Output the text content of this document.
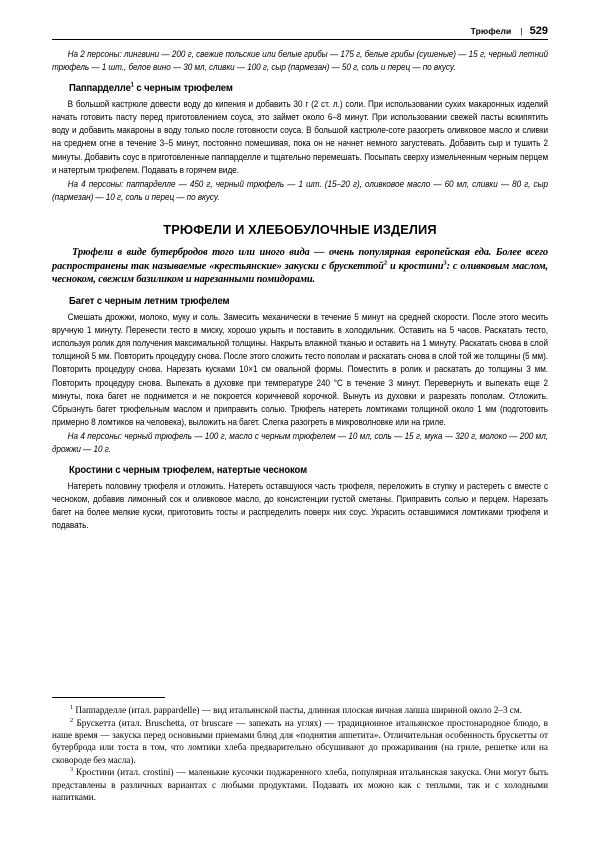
Трюфели | 529

На 2 персоны: лингвини — 200 г, свежие польские или белые грибы — 175 г, белые грибы (сушеные) — 15 г, черный летний трюфель — 1 шт., белое вино — 30 мл, сливки — 100 г, сыр (пармезан) — 50 г, соль и перец — по вкусу.

Паппарделле$^1$ с черным трюфелем

В большой кастрюле довести воду до кипения и добавить 30 г (2 ст. л.) соли. При использовании сухих макаронных изделий начать готовить пасту перед приготовлением соуса, это займет около 6–8 минут. При использовании свежей пасты вскипятить воду и добавить макароны в воду только после готовности соуса. В большой кастрюле-соте разогреть оливковое масло и сливки на среднем огне в течение 3–5 минут, постоянно помешивая, пока он не начнет немного загустевать. Добавить сыр и тушить 2 минуты. Добавить соус в приготовленные паппарделле и тщательно перемешать. Посыпать сверху измельченным черным перцем и натертым трюфелем. Подавать в горячем виде.

На 4 персоны: паппарделле — 450 г, черный трюфель — 1 шт. (15–20 г), оливковое масло — 60 мл, сливки — 80 г, сыр (пармезан) — 10 г, соль и перец — по вкусу.

ТРЮФЕЛИ И ХЛЕБОБУЛОЧНЫЕ ИЗДЕЛИЯ

Трюфели в виде бутербродов того или иного вида — очень популярная европейская еда. Более всего распространены так называемые «крестьянские» закуски с брускеттой$^2$ и кростини$^3$: с оливковым маслом, чесноком, свежим базиликом и нарезанными помидорами.

Багет с черным летним трюфелем

Смешать дрожжи, молоко, муку и соль. Замесить механически в течение 5 минут на средней скорости. После этого месить вручную 1 минуту. Перенести тесто в миску, хорошо укрыть и поставить в холодильник. Оставить на 5 часов. Раскатать тесто, используя ролик для получения максимальной толщины. Накрыть влажной тканью и оставить на 1 минуту. Раскатать снова в слой толщиной 5 мм. Повторить процедуру снова. После этого сложить тесто пополам и раскатать снова в слой той же толщины (5 мм). Повторить процедуру снова. Нарезать кусками 10×1 см овальной формы. Поместить в ролик и раскатать до толщины 3 мм. Повторить процедуру снова. Выпекать в духовке при температуре 240 °С в течение 3 минут. Перевернуть и выпекать еще 2 минуты, пока багет не поднимется и не покроется коричневой корочкой. Вынуть из духовки и разрезать пополам. Отложить. Сбрызнуть багет трюфельным маслом и приправить солью. Трюфель натереть ломтиками толщиной около 1 мм (подготовить примерно 8 ломтиков на человека), выложить на багет. Слегка разогреть в микроволновке или на гриле.

На 4 персоны: черный трюфель — 100 г, масло с черным трюфелем — 10 мл, соль — 15 г, мука — 320 г, молоко — 200 мл, дрожжи — 10 г.

Кростини с черным трюфелем, натертые чесноком

Натереть половину трюфеля и отложить. Натереть оставшуюся часть трюфеля, переложить в ступку и растереть с вместе с чесноком, добавив лимонный сок и оливковое масло, до консистенции густой сметаны. Приправить солью и перцем. Нарезать багет на более мелкие куски, приготовить тосты и распределить поверх них соус. Украсить оставшимися ломтиками трюфеля и подавать.

$^1$ Паппарделле (итал. pappardelle) — вид итальянской пасты, длинная плоская яичная лапша шириной около 2–3 см.

$^2$ Брускетта (итал. Bruschetta, от bruscare — запекать на углях) — традиционное итальянское простонародное блюдо, в наше время — закуска перед основными приемами блюд для «поднятия аппетита». Отличительная особенность брускетты от бутерброда или тоста в том, что ломтики хлеба предварительно обсушивают до прожаривания (на гриле, решетке или на сковороде без масла).

$^3$ Кростини (итал. crostini) — маленькие кусочки поджаренного хлеба, популярная итальянская закуска. Они могут быть представлены в различных вариантах с любыми продуктами. Подавать их можно как с теплыми, так и с холодными напитками.
